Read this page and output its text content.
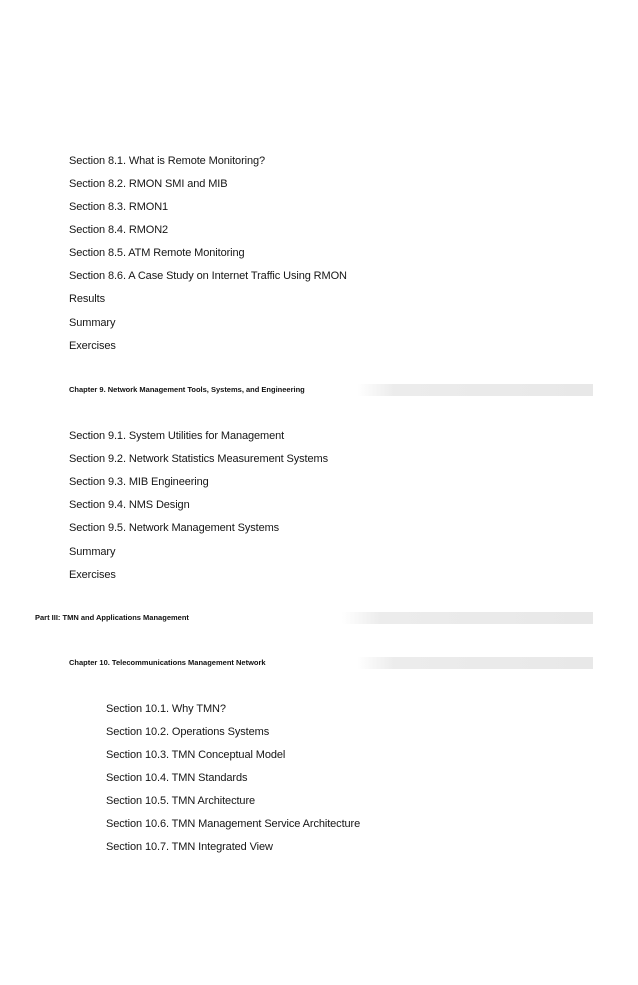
Section 8.1. What is Remote Monitoring?
Section 8.2. RMON SMI and MIB
Section 8.3. RMON1
Section 8.4. RMON2
Section 8.5. ATM Remote Monitoring
Section 8.6. A Case Study on Internet Traffic Using RMON
Results
Summary
Exercises
Chapter 9. Network Management Tools, Systems, and Engineering
Section 9.1. System Utilities for Management
Section 9.2. Network Statistics Measurement Systems
Section 9.3. MIB Engineering
Section 9.4. NMS Design
Section 9.5. Network Management Systems
Summary
Exercises
Part III: TMN and Applications Management
Chapter 10. Telecommunications Management Network
Section 10.1. Why TMN?
Section 10.2. Operations Systems
Section 10.3. TMN Conceptual Model
Section 10.4. TMN Standards
Section 10.5. TMN Architecture
Section 10.6. TMN Management Service Architecture
Section 10.7. TMN Integrated View
